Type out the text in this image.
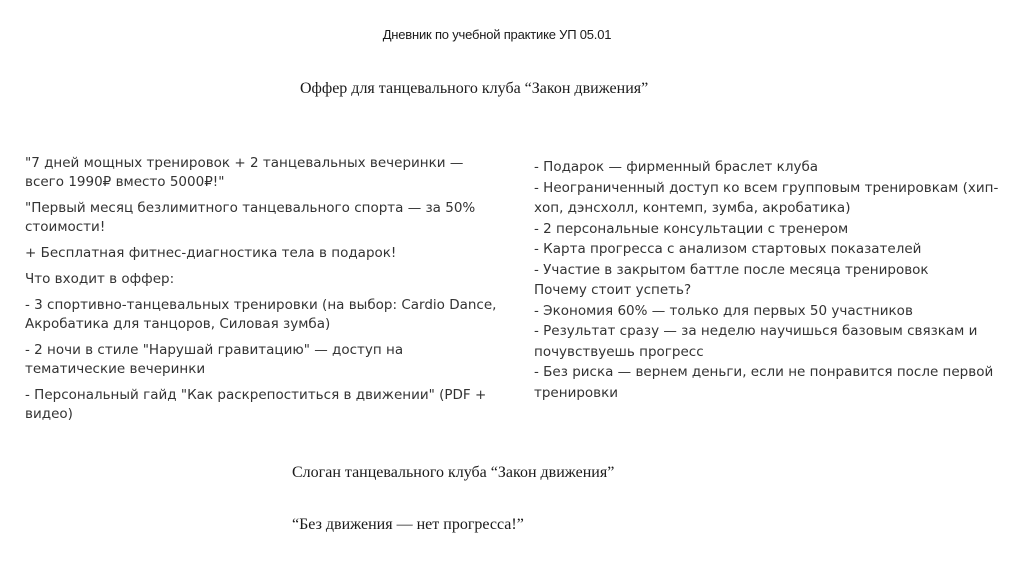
Дневник по учебной практике УП 05.01
Оффер для танцевального клуба “Закон движения”

"7 дней мощных тренировок + 2 танцевальных вечеринки — всего 1990₽ вместо 5000₽!"

"Первый месяц безлимитного танцевального спорта — за 50% стоимости!

+ Бесплатная фитнес-диагностика тела в подарок!

Что входит в оффер:

- 3 спортивно-танцевальных тренировки (на выбор: Cardio Dance, Акробатика для танцоров, Силовая зумба)

- 2 ночи в стиле "Нарушай гравитацию" — доступ на тематические вечеринки

- Персональный гайд "Как раскрепоститься в движении" (PDF + видео)

- Подарок — фирменный браслет клуба
- Неограниченный доступ ко всем групповым тренировкам (хип-хоп, дэнсхолл, контемп, зумба, акробатика)
- 2 персональные консультации с тренером
- Карта прогресса с анализом стартовых показателей
- Участие в закрытом баттле после месяца тренировок
Почему стоит успеть?
- Экономия 60% — только для первых 50 участников
- Результат сразу — за неделю научишься базовым связкам и почувствуешь прогресс
- Без риска — вернем деньги, если не понравится после первой тренировки
Слоган танцевального клуба “Закон движения”
“Без движения — нет прогресса!”
